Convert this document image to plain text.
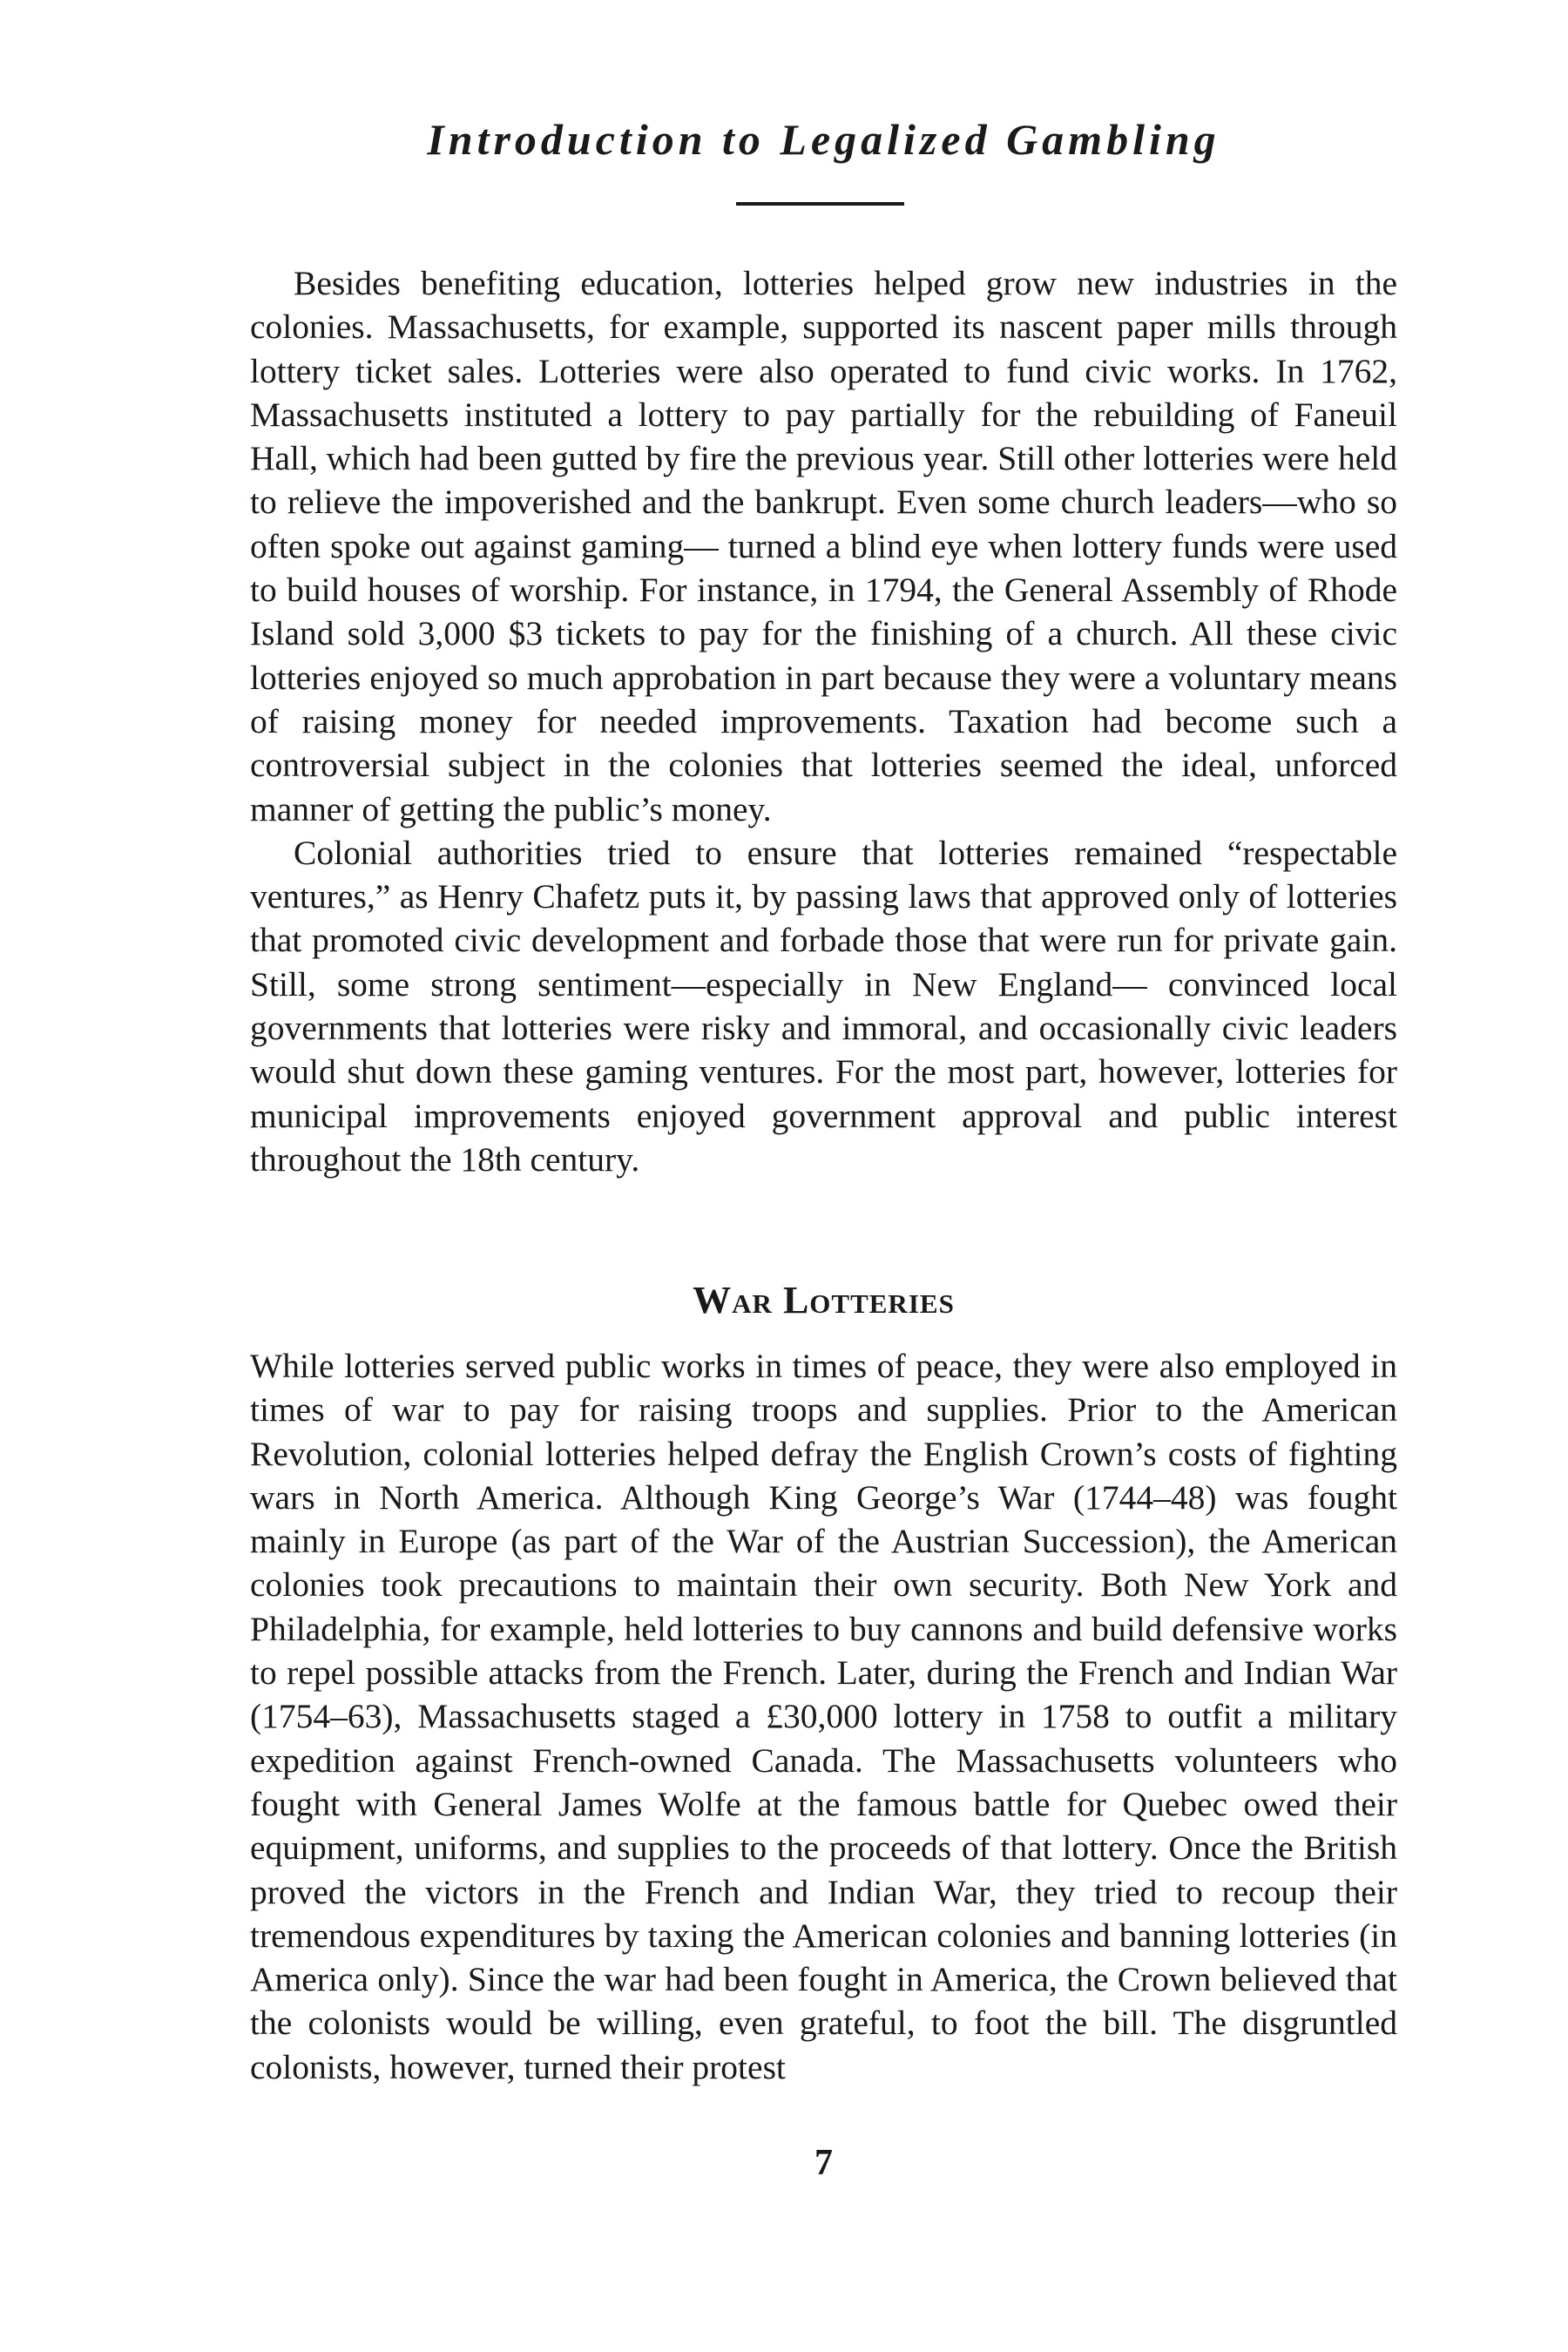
Introduction to Legalized Gambling

Besides benefiting education, lotteries helped grow new industries in the colonies. Massachusetts, for example, supported its nascent paper mills through lottery ticket sales. Lotteries were also operated to fund civic works. In 1762, Massachusetts instituted a lottery to pay partially for the rebuilding of Faneuil Hall, which had been gutted by fire the previous year. Still other lotteries were held to relieve the impoverished and the bankrupt. Even some church leaders—who so often spoke out against gaming— turned a blind eye when lottery funds were used to build houses of worship. For instance, in 1794, the General Assembly of Rhode Island sold 3,000 $3 tickets to pay for the finishing of a church. All these civic lotteries enjoyed so much approbation in part because they were a voluntary means of raising money for needed improvements. Taxation had become such a controversial subject in the colonies that lotteries seemed the ideal, unforced manner of getting the public’s money.

Colonial authorities tried to ensure that lotteries remained “respectable ventures,” as Henry Chafetz puts it, by passing laws that approved only of lotteries that promoted civic development and forbade those that were run for private gain. Still, some strong sentiment—especially in New England— convinced local governments that lotteries were risky and immoral, and occasionally civic leaders would shut down these gaming ventures. For the most part, however, lotteries for municipal improvements enjoyed government approval and public interest throughout the 18th century.

War Lotteries

While lotteries served public works in times of peace, they were also employed in times of war to pay for raising troops and supplies. Prior to the American Revolution, colonial lotteries helped defray the English Crown’s costs of fighting wars in North America. Although King George’s War (1744–48) was fought mainly in Europe (as part of the War of the Austrian Succession), the American colonies took precautions to maintain their own security. Both New York and Philadelphia, for example, held lotteries to buy cannons and build defensive works to repel possible attacks from the French. Later, during the French and Indian War (1754–63), Massachusetts staged a £30,000 lottery in 1758 to outfit a military expedition against French-owned Canada. The Massachusetts volunteers who fought with General James Wolfe at the famous battle for Quebec owed their equipment, uniforms, and supplies to the proceeds of that lottery. Once the British proved the victors in the French and Indian War, they tried to recoup their tremendous expenditures by taxing the American colonies and banning lotteries (in America only). Since the war had been fought in America, the Crown believed that the colonists would be willing, even grateful, to foot the bill. The disgruntled colonists, however, turned their protest

7
